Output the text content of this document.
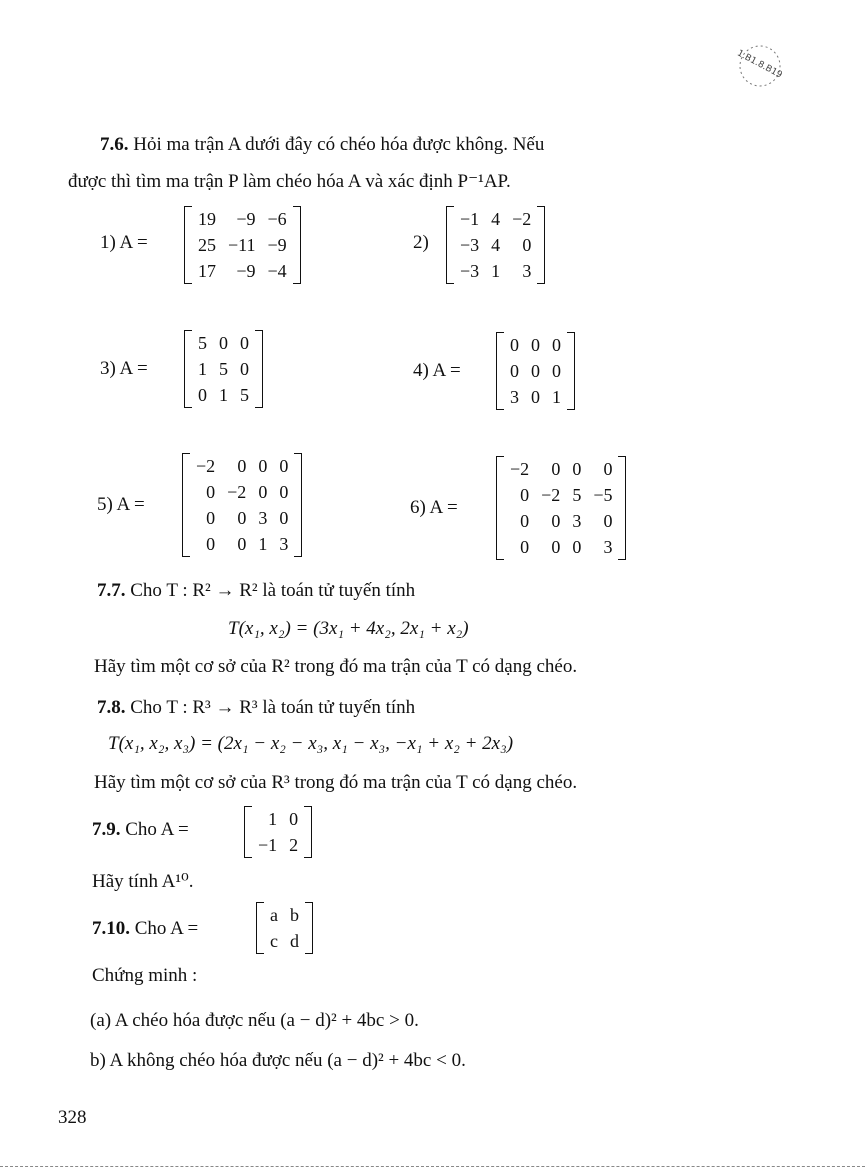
1.B1.8.B19
7.6. Hỏi ma trận A dưới đây có chéo hóa được không. Nếu
được thì tìm ma trận P làm chéo hóa A và xác định P⁻¹AP.
1) A =
19	−9	−6
25	−11	−9
17	−9	−4
2)
−1	4	−2
−3	4	0
−3	1	3
3) A =
5	0	0
1	5	0
0	1	5
4) A =
0	0	0
0	0	0
3	0	1
5) A =
−2	0	0	0
0	−2	0	0
0	0	3	0
0	0	1	3
6) A =
−2	0	0	0
0	−2	5	−5
0	0	3	0
0	0	0	3
7.7. Cho T : R² → R² là toán tử tuyến tính
T(x₁, x₂) = (3x₁ + 4x₂, 2x₁ + x₂)
Hãy tìm một cơ sở của R² trong đó ma trận của T có dạng chéo.
7.8. Cho T : R³ → R³ là toán tử tuyến tính
T(x₁, x₂, x₃) = (2x₁ − x₂ − x₃, x₁ − x₃, −x₁ + x₂ + 2x₃)
Hãy tìm một cơ sở của R³ trong đó ma trận của T có dạng chéo.
7.9. Cho A =	1	0
−1	2
Hãy tính A¹⁰.
7.10. Cho A =
a	b
c	d
Chứng minh :
(a) A chéo hóa được nếu (a − d)² + 4bc > 0.
b) A không chéo hóa được nếu (a − d)² + 4bc < 0.
328
